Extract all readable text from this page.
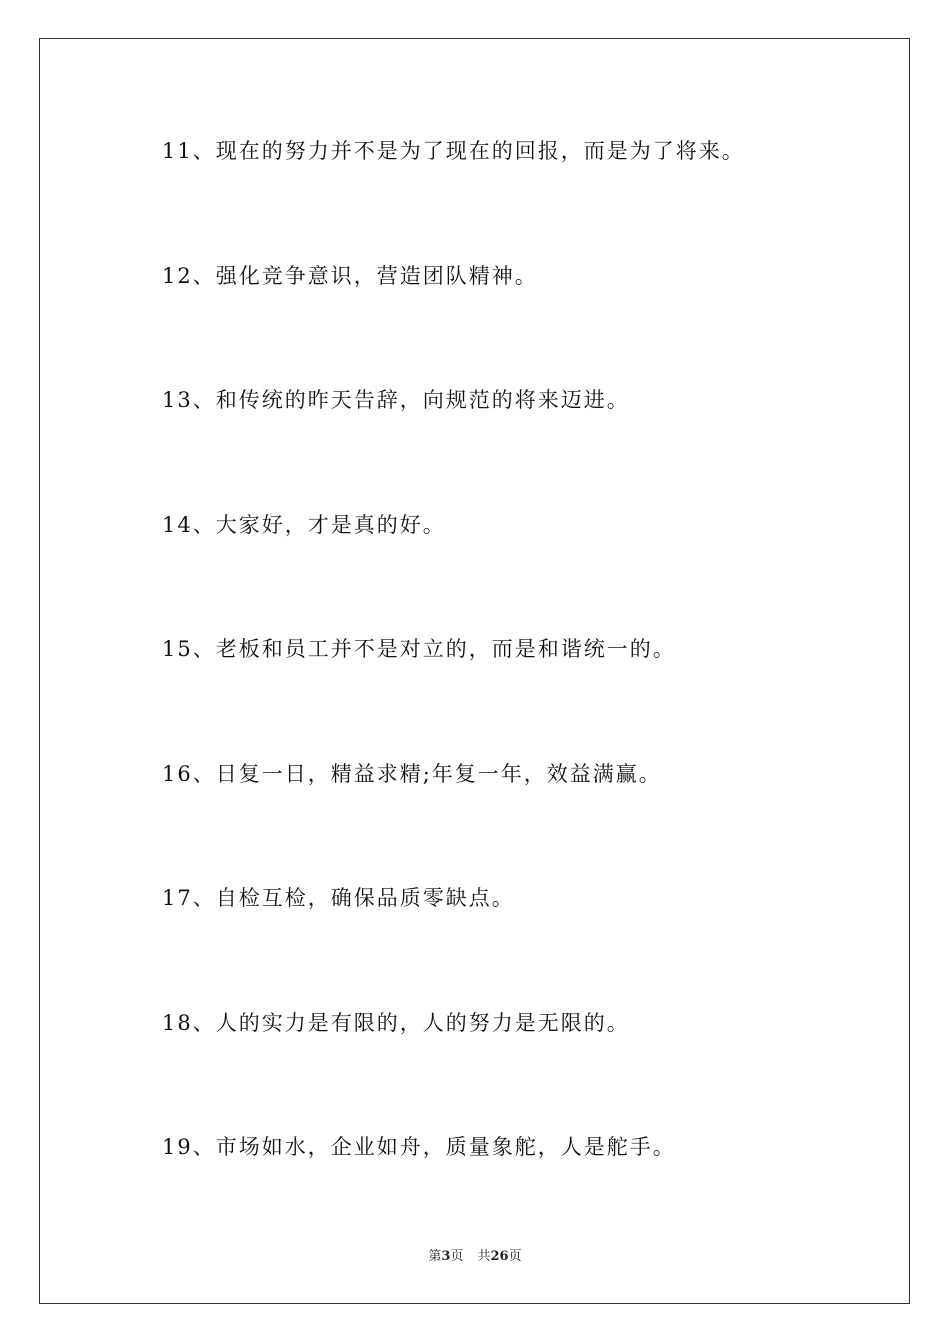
11、现在的努力并不是为了现在的回报，而是为了将来。
12、强化竞争意识，营造团队精神。
13、和传统的昨天告辞，向规范的将来迈进。
14、大家好，才是真的好。
15、老板和员工并不是对立的，而是和谐统一的。
16、日复一日，精益求精;年复一年，效益满赢。
17、自检互检，确保品质零缺点。
18、人的实力是有限的，人的努力是无限的。
19、市场如水，企业如舟，质量象舵，人是舵手。
第3页 共26页
